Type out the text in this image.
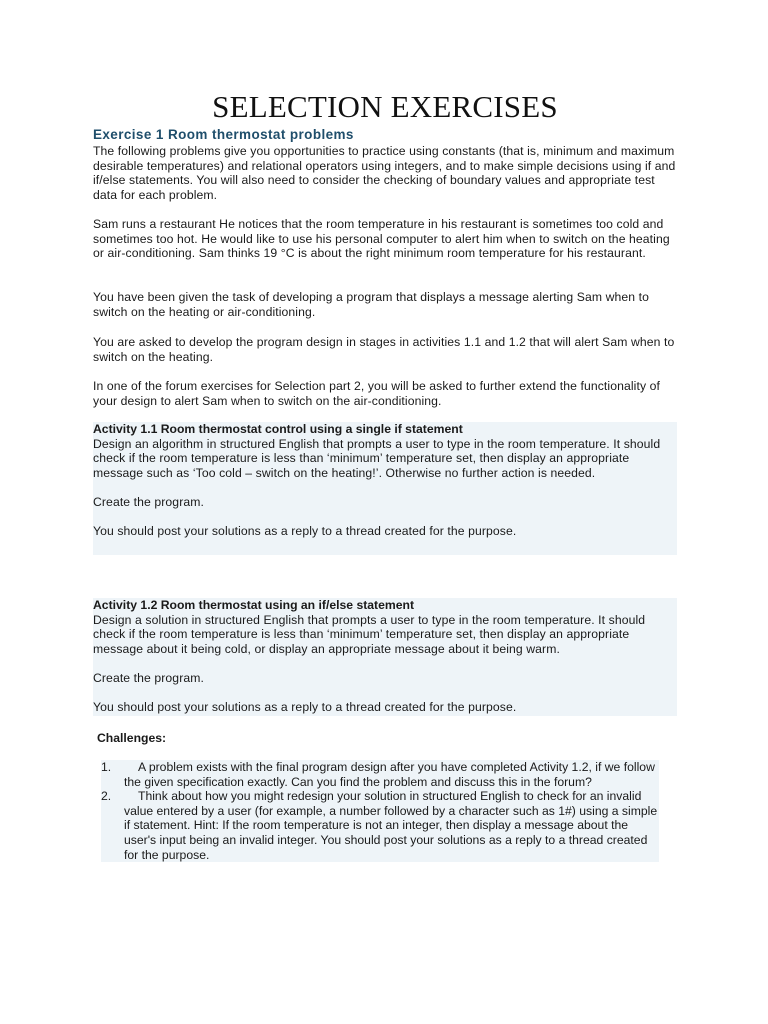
SELECTION EXERCISES
Exercise 1 Room thermostat problems

The following problems give you opportunities to practice using constants (that is, minimum and maximum desirable temperatures) and relational operators using integers, and to make simple decisions using if and if/else statements. You will also need to consider the checking of boundary values and appropriate test data for each problem.

Sam runs a restaurant He notices that the room temperature in his restaurant is sometimes too cold and sometimes too hot. He would like to use his personal computer to alert him when to switch on the heating or air-conditioning. Sam thinks 19 °C is about the right minimum room temperature for his restaurant.

You have been given the task of developing a program that displays a message alerting Sam when to switch on the heating or air-conditioning.

You are asked to develop the program design in stages in activities 1.1 and 1.2 that will alert Sam when to switch on the heating.

In one of the forum exercises for Selection part 2, you will be asked to further extend the functionality of your design to alert Sam when to switch on the air-conditioning.

Activity 1.1 Room thermostat control using a single if statement

Design an algorithm in structured English that prompts a user to type in the room temperature. It should check if the room temperature is less than ‘minimum’ temperature set, then display an appropriate message such as ‘Too cold – switch on the heating!’. Otherwise no further action is needed.

Create the program.

You should post your solutions as a reply to a thread created for the purpose.

Activity 1.2 Room thermostat using an if/else statement

Design a solution in structured English that prompts a user to type in the room temperature. It should check if the room temperature is less than ‘minimum’ temperature set, then display an appropriate message about it being cold, or display an appropriate message about it being warm.

Create the program.

You should post your solutions as a reply to a thread created for the purpose.

Challenges:
1. A problem exists with the final program design after you have completed Activity 1.2, if we follow the given specification exactly. Can you find the problem and discuss this in the forum?
2. Think about how you might redesign your solution in structured English to check for an invalid value entered by a user (for example, a number followed by a character such as 1#) using a simple if statement. Hint: If the room temperature is not an integer, then display a message about the user's input being an invalid integer. You should post your solutions as a reply to a thread created for the purpose.
